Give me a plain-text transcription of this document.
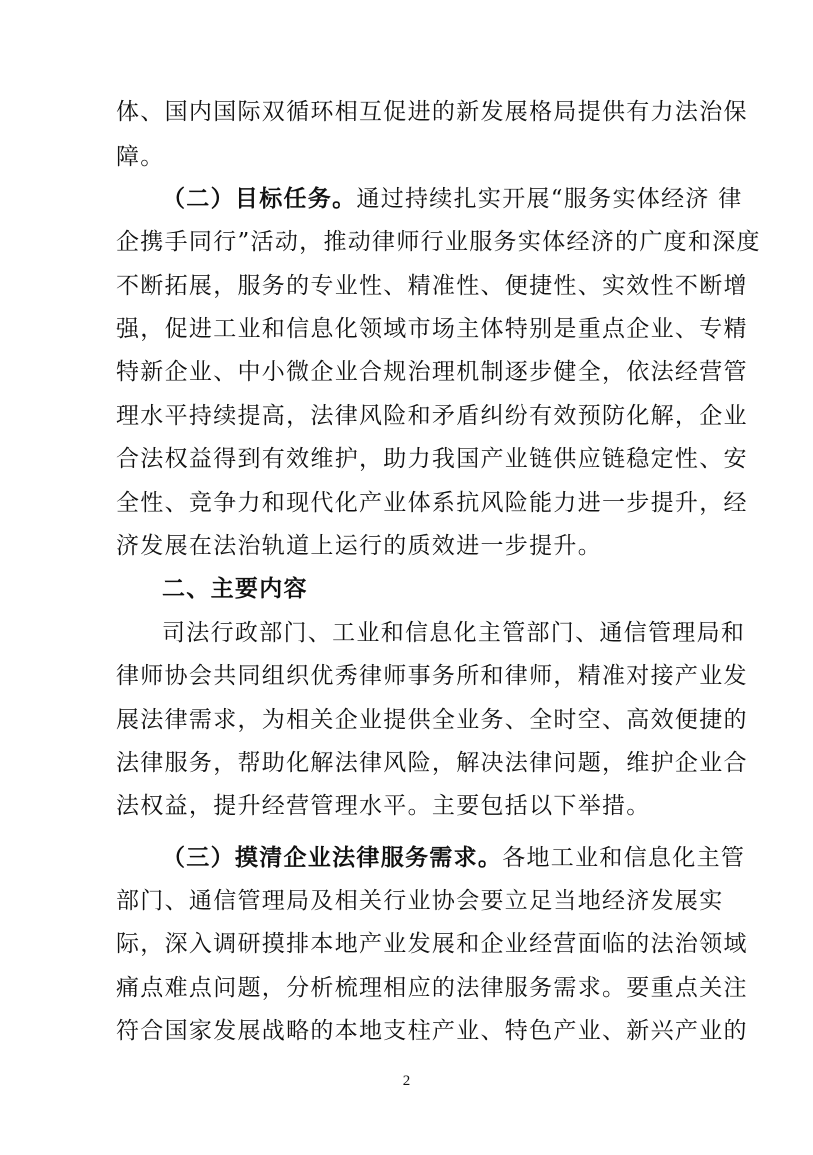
体、国内国际双循环相互促进的新发展格局提供有力法治保
障。
（二）目标任务。通过持续扎实开展“服务实体经济 律
企携手同行”活动，推动律师行业服务实体经济的广度和深度
不断拓展，服务的专业性、精准性、便捷性、实效性不断增
强，促进工业和信息化领域市场主体特别是重点企业、专精
特新企业、中小微企业合规治理机制逐步健全，依法经营管
理水平持续提高，法律风险和矛盾纠纷有效预防化解，企业
合法权益得到有效维护，助力我国产业链供应链稳定性、安
全性、竞争力和现代化产业体系抗风险能力进一步提升，经
济发展在法治轨道上运行的质效进一步提升。
二、主要内容
司法行政部门、工业和信息化主管部门、通信管理局和
律师协会共同组织优秀律师事务所和律师，精准对接产业发
展法律需求，为相关企业提供全业务、全时空、高效便捷的
法律服务，帮助化解法律风险，解决法律问题，维护企业合
法权益，提升经营管理水平。主要包括以下举措。
（三）摸清企业法律服务需求。各地工业和信息化主管
部门、通信管理局及相关行业协会要立足当地经济发展实
际，深入调研摸排本地产业发展和企业经营面临的法治领域
痛点难点问题，分析梳理相应的法律服务需求。要重点关注
符合国家发展战略的本地支柱产业、特色产业、新兴产业的
2
